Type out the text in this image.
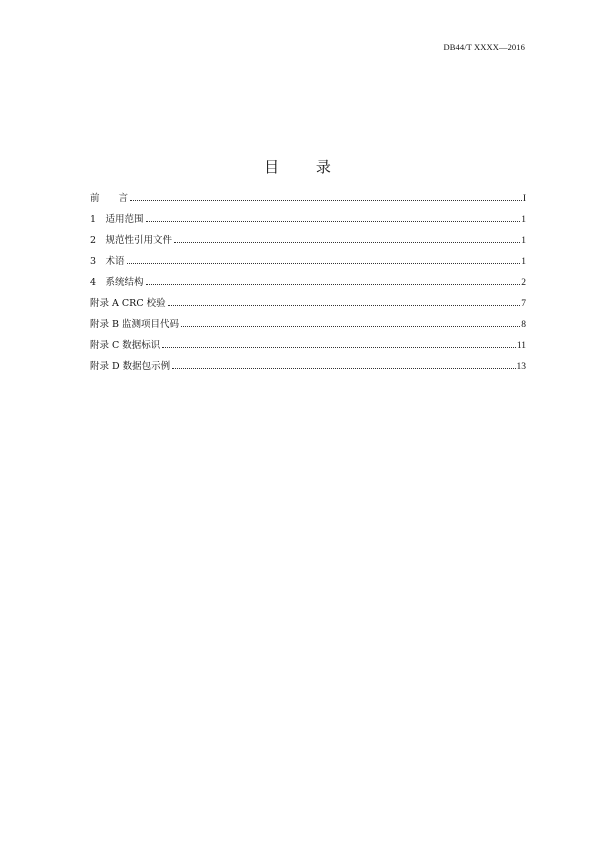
DB44/T XXXX—2016
目 录
前　　言	I
1　适用范围	1
2　规范性引用文件	1
3　术语	1
4　系统结构	2
附录 A CRC 校验	7
附录 B 监测项目代码	8
附录 C 数据标识	11
附录 D 数据包示例	13
